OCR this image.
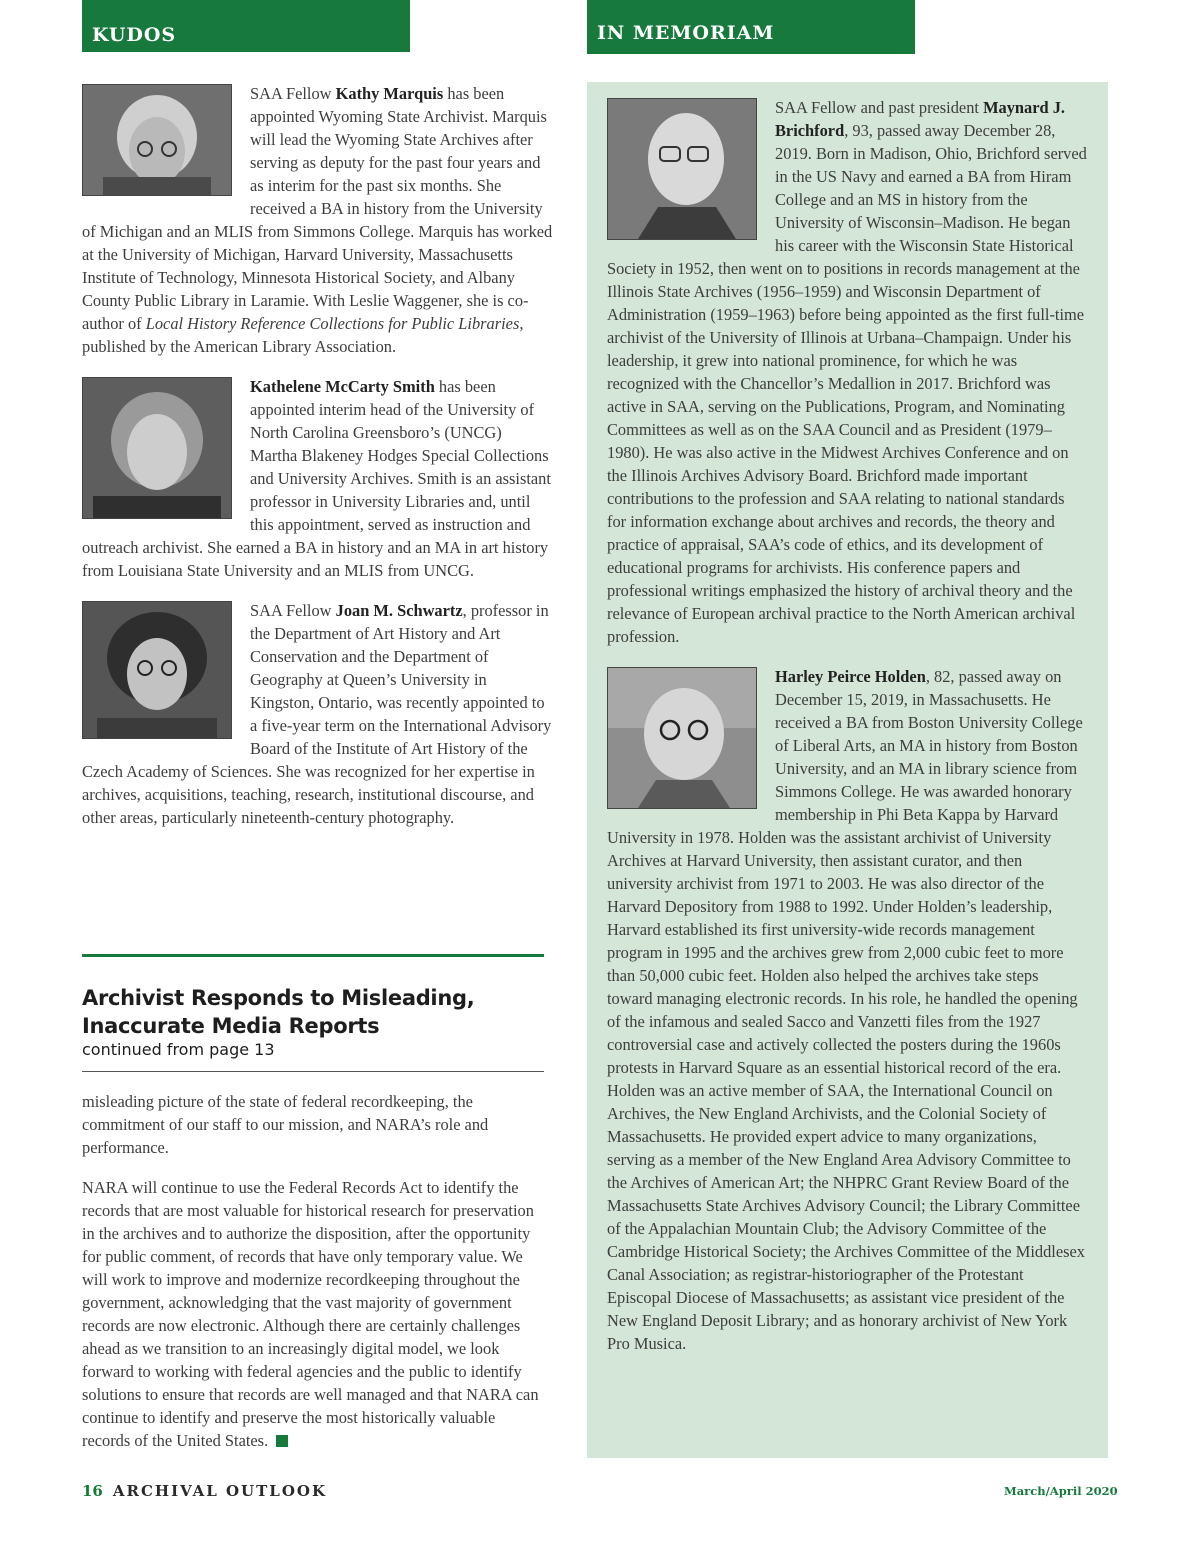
KUDOS

SAA Fellow Kathy Marquis has been appointed Wyoming State Archivist. Marquis will lead the Wyoming State Archives after serving as deputy for the past four years and as interim for the past six months. She received a BA in history from the University of Michigan and an MLIS from Simmons College. Marquis has worked at the University of Michigan, Harvard University, Massachusetts Institute of Technology, Minnesota Historical Society, and Albany County Public Library in Laramie. With Leslie Waggener, she is co-author of Local History Reference Collections for Public Libraries, published by the American Library Association.

Kathelene McCarty Smith has been appointed interim head of the University of North Carolina Greensboro’s (UNCG) Martha Blakeney Hodges Special Collections and University Archives. Smith is an assistant professor in University Libraries and, until this appointment, served as instruction and outreach archivist. She earned a BA in history and an MA in art history from Louisiana State University and an MLIS from UNCG.

SAA Fellow Joan M. Schwartz, professor in the Department of Art History and Art Conservation and the Department of Geography at Queen’s University in Kingston, Ontario, was recently appointed to a five-year term on the International Advisory Board of the Institute of Art History of the Czech Academy of Sciences. She was recognized for her expertise in archives, acquisitions, teaching, research, institutional discourse, and other areas, particularly nineteenth-century photography.

Archivist Responds to Misleading, Inaccurate Media Reports
continued from page 13

misleading picture of the state of federal recordkeeping, the commitment of our staff to our mission, and NARA’s role and performance.

NARA will continue to use the Federal Records Act to identify the records that are most valuable for historical research for preservation in the archives and to authorize the disposition, after the opportunity for public comment, of records that have only temporary value. We will work to improve and modernize recordkeeping throughout the government, acknowledging that the vast majority of government records are now electronic. Although there are certainly challenges ahead as we transition to an increasingly digital model, we look forward to working with federal agencies and the public to identify solutions to ensure that records are well managed and that NARA can continue to identify and preserve the most historically valuable records of the United States.

IN MEMORIAM

SAA Fellow and past president Maynard J. Brichford, 93, passed away December 28, 2019. Born in Madison, Ohio, Brichford served in the US Navy and earned a BA from Hiram College and an MS in history from the University of Wisconsin–Madison. He began his career with the Wisconsin State Historical Society in 1952, then went on to positions in records management at the Illinois State Archives (1956–1959) and Wisconsin Department of Administration (1959–1963) before being appointed as the first full-time archivist of the University of Illinois at Urbana–Champaign. Under his leadership, it grew into national prominence, for which he was recognized with the Chancellor’s Medallion in 2017. Brichford was active in SAA, serving on the Publications, Program, and Nominating Committees as well as on the SAA Council and as President (1979–1980). He was also active in the Midwest Archives Conference and on the Illinois Archives Advisory Board. Brichford made important contributions to the profession and SAA relating to national standards for information exchange about archives and records, the theory and practice of appraisal, SAA’s code of ethics, and its development of educational programs for archivists. His conference papers and professional writings emphasized the history of archival theory and the relevance of European archival practice to the North American archival profession.

Harley Peirce Holden, 82, passed away on December 15, 2019, in Massachusetts. He received a BA from Boston University College of Liberal Arts, an MA in history from Boston University, and an MA in library science from Simmons College. He was awarded honorary membership in Phi Beta Kappa by Harvard University in 1978. Holden was the assistant archivist of University Archives at Harvard University, then assistant curator, and then university archivist from 1971 to 2003. He was also director of the Harvard Depository from 1988 to 1992. Under Holden’s leadership, Harvard established its first university-wide records management program in 1995 and the archives grew from 2,000 cubic feet to more than 50,000 cubic feet. Holden also helped the archives take steps toward managing electronic records. In his role, he handled the opening of the infamous and sealed Sacco and Vanzetti files from the 1927 controversial case and actively collected the posters during the 1960s protests in Harvard Square as an essential historical record of the era. Holden was an active member of SAA, the International Council on Archives, the New England Archivists, and the Colonial Society of Massachusetts. He provided expert advice to many organizations, serving as a member of the New England Area Advisory Committee to the Archives of American Art; the NHPRC Grant Review Board of the Massachusetts State Archives Advisory Council; the Library Committee of the Appalachian Mountain Club; the Advisory Committee of the Cambridge Historical Society; the Archives Committee of the Middlesex Canal Association; as registrar-historiographer of the Protestant Episcopal Diocese of Massachusetts; as assistant vice president of the New England Deposit Library; and as honorary archivist of New York Pro Musica.

16 ARCHIVAL OUTLOOK	March/April 2020
